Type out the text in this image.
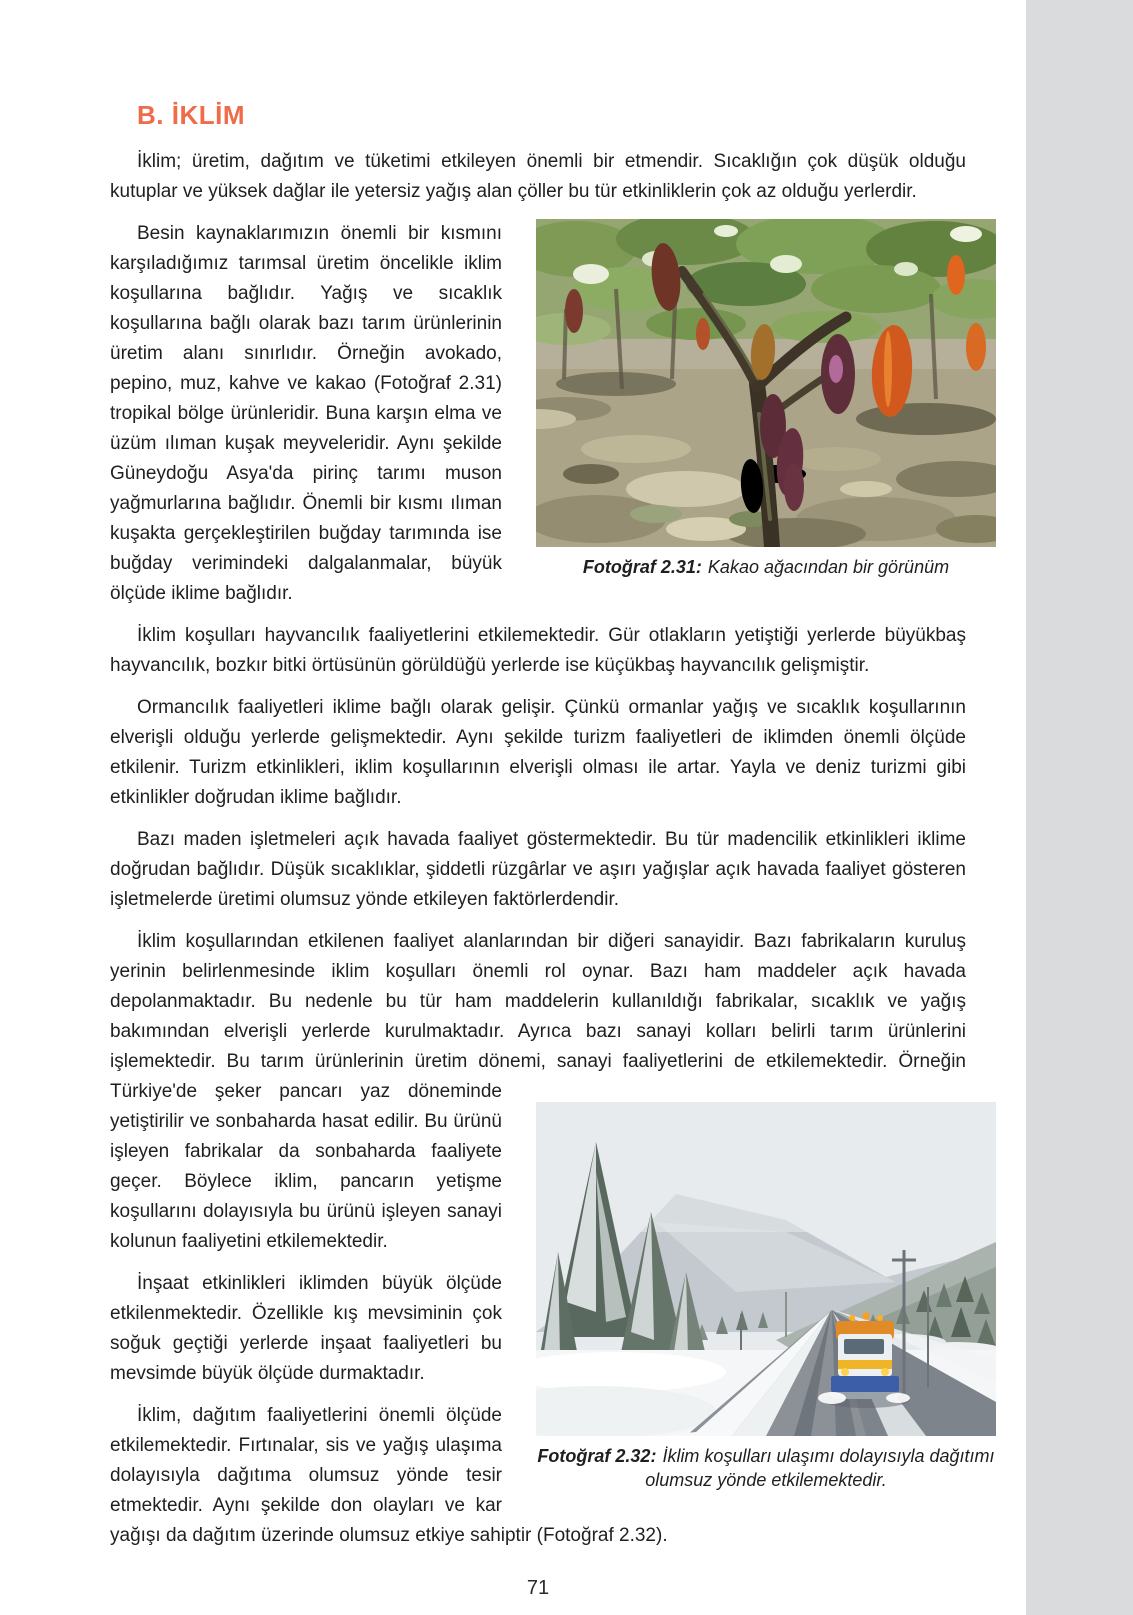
B. İKLİM

İklim; üretim, dağıtım ve tüketimi etkileyen önemli bir etmendir. Sıcaklığın çok düşük olduğu kutuplar ve yüksek dağlar ile yetersiz yağış alan çöller bu tür etkinliklerin çok az olduğu yerlerdir.

Fotoğraf 2.31: Kakao ağacından bir görünüm

Besin kaynaklarımızın önemli bir kısmını karşıladığımız tarımsal üretim öncelikle iklim koşullarına bağlıdır. Yağış ve sıcaklık koşullarına bağlı olarak bazı tarım ürünlerinin üretim alanı sınırlıdır. Örneğin avokado, pepino, muz, kahve ve kakao (Fotoğraf 2.31) tropikal bölge ürünleridir. Buna karşın elma ve üzüm ılıman kuşak meyveleridir. Aynı şekilde Güneydoğu Asya'da pirinç tarımı muson yağmurlarına bağlıdır. Önemli bir kısmı ılıman kuşakta gerçekleştirilen buğday tarımında ise buğday verimindeki dalgalanmalar, büyük ölçüde iklime bağlıdır.

İklim koşulları hayvancılık faaliyetlerini etkilemektedir. Gür otlakların yetiştiği yerlerde büyükbaş hayvancılık, bozkır bitki örtüsünün görüldüğü yerlerde ise küçükbaş hayvancılık gelişmiştir.

Ormancılık faaliyetleri iklime bağlı olarak gelişir. Çünkü ormanlar yağış ve sıcaklık koşullarının elverişli olduğu yerlerde gelişmektedir. Aynı şekilde turizm faaliyetleri de iklimden önemli ölçüde etkilenir. Turizm etkinlikleri, iklim koşullarının elverişli olması ile artar. Yayla ve deniz turizmi gibi etkinlikler doğrudan iklime bağlıdır.

Bazı maden işletmeleri açık havada faaliyet göstermektedir. Bu tür madencilik etkinlikleri iklime doğrudan bağlıdır. Düşük sıcaklıklar, şiddetli rüzgârlar ve aşırı yağışlar açık havada faaliyet gösteren işletmelerde üretimi olumsuz yönde etkileyen faktörlerdendir.

Fotoğraf 2.32: İklim koşulları ulaşımı dolayısıyla dağıtımı olumsuz yönde etkilemektedir.

İklim koşullarından etkilenen faaliyet alanlarından bir diğeri sanayidir. Bazı fabrikaların kuruluş yerinin belirlenmesinde iklim koşulları önemli rol oynar. Bazı ham maddeler açık havada depolanmaktadır. Bu nedenle bu tür ham maddelerin kullanıldığı fabrikalar, sıcaklık ve yağış bakımından elverişli yerlerde kurulmaktadır. Ayrıca bazı sanayi kolları belirli tarım ürünlerini işlemektedir. Bu tarım ürünlerinin üretim dönemi, sanayi faaliyetlerini de etkilemektedir. Örneğin Türkiye'de şeker pancarı yaz döneminde yetiştirilir ve sonbaharda hasat edilir. Bu ürünü işleyen fabrikalar da sonbaharda faaliyete geçer. Böylece iklim, pancarın yetişme koşullarını dolayısıyla bu ürünü işleyen sanayi kolunun faaliyetini etkilemektedir.

İnşaat etkinlikleri iklimden büyük ölçüde etkilenmektedir. Özellikle kış mevsiminin çok soğuk geçtiği yerlerde inşaat faaliyetleri bu mevsimde büyük ölçüde durmaktadır.

İklim, dağıtım faaliyetlerini önemli ölçüde etkilemektedir. Fırtınalar, sis ve yağış ulaşıma dolayısıyla dağıtıma olumsuz yönde tesir etmektedir. Aynı şekilde don olayları ve kar yağışı da dağıtım üzerinde olumsuz etkiye sahiptir (Fotoğraf 2.32).

71
